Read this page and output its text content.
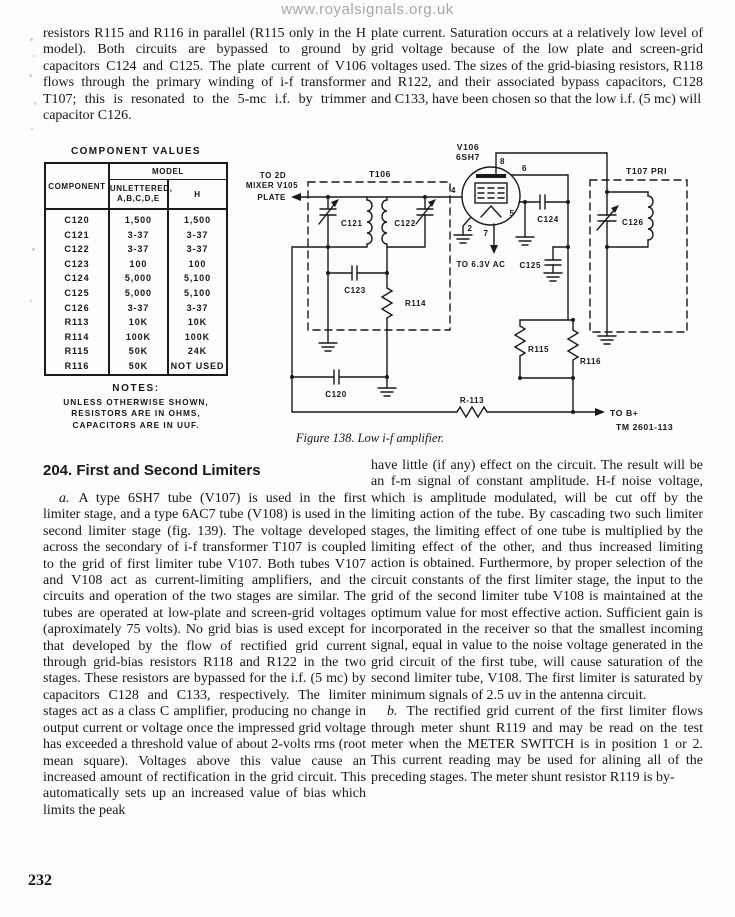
www.royalsignals.org.uk
resistors R115 and R116 in parallel (R115 only in the H model). Both circuits are bypassed to ground by capacitors C124 and C125. The plate current of V106 flows through the primary winding of i-f transformer T107; this is resonated to the 5-mc i.f. by trimmer capacitor C126.
plate current. Saturation occurs at a relatively low level of grid voltage because of the low plate and screen-grid voltages used. The sizes of the grid-biasing resistors, R118 and R122, and their associated bypass capacitors, C128 and C133, have been chosen so that the low i.f. (5 mc) will
COMPONENT VALUES
COMPONENT	MODEL	
	UNLETTERED,
A,B,C,D,E	H
C120	1,500	1,500
C121	3-37	3-37
C122	3-37	3-37
C123	100	100
C124	5,000	5,100
C125	5,000	5,100
C126	3-37	3-37
R113	10K	10K
R114	100K	100K
R115	50K	24K
R116	50K	NOT USED
NOTES:
UNLESS OTHERWISE SHOWN,
RESISTORS ARE IN OHMS,
CAPACITORS ARE IN UUF.
TO 2D
MIXER V105
PLATE
T106
C121	C122
C123
R114
C120
R-113
TO B+
TM 2601-113
V106
6SH7	8
4
6
5
2
7
TO 6.3V AC
C124
C125
C126
T107 PRI
R115
R116
Figure 138. Low i-f amplifier.
204. First and Second Limiters

a. A type 6SH7 tube (V107) is used in the first limiter stage, and a type 6AC7 tube (V108) is used in the second limiter stage (fig. 139). The voltage developed across the secondary of i-f transformer T107 is coupled to the grid of first limiter tube V107. Both tubes V107 and V108 act as current-limiting amplifiers, and the circuits and operation of the two stages are similar. The tubes are operated at low-plate and screen-grid voltages (aproximately 75 volts). No grid bias is used except for that developed by the flow of rectified grid current through grid-bias resistors R118 and R122 in the two stages. These resistors are bypassed for the i.f. (5 mc) by capacitors C128 and C133, respectively. The limiter stages act as a class C amplifier, producing no change in output current or voltage once the impressed grid voltage has exceeded a threshold value of about 2-volts rms (root mean square). Voltages above this value cause an increased amount of rectification in the grid circuit. This automatically sets up an increased value of bias which limits the peak

have little (if any) effect on the circuit. The result will be an f-m signal of constant amplitude. H-f noise voltage, which is amplitude modulated, will be cut off by the limiting action of the tube. By cascading two such limiter stages, the limiting effect of one tube is multiplied by the limiting effect of the other, and thus increased limiting action is obtained. Furthermore, by proper selection of the circuit constants of the first limiter stage, the input to the grid of the second limiter tube V108 is maintained at the optimum value for most effective action. Sufficient gain is incorporated in the receiver so that the smallest incoming signal, equal in value to the noise voltage generated in the grid circuit of the first tube, will cause saturation of the second limiter tube, V108. The first limiter is saturated by minimum signals of 2.5 uv in the antenna circuit.

b. The rectified grid current of the first limiter flows through meter shunt R119 and may be read on the test meter when the METER SWITCH is in position 1 or 2. This current reading may be used for alining all of the preceding stages. The meter shunt resistor R119 is by-

232
